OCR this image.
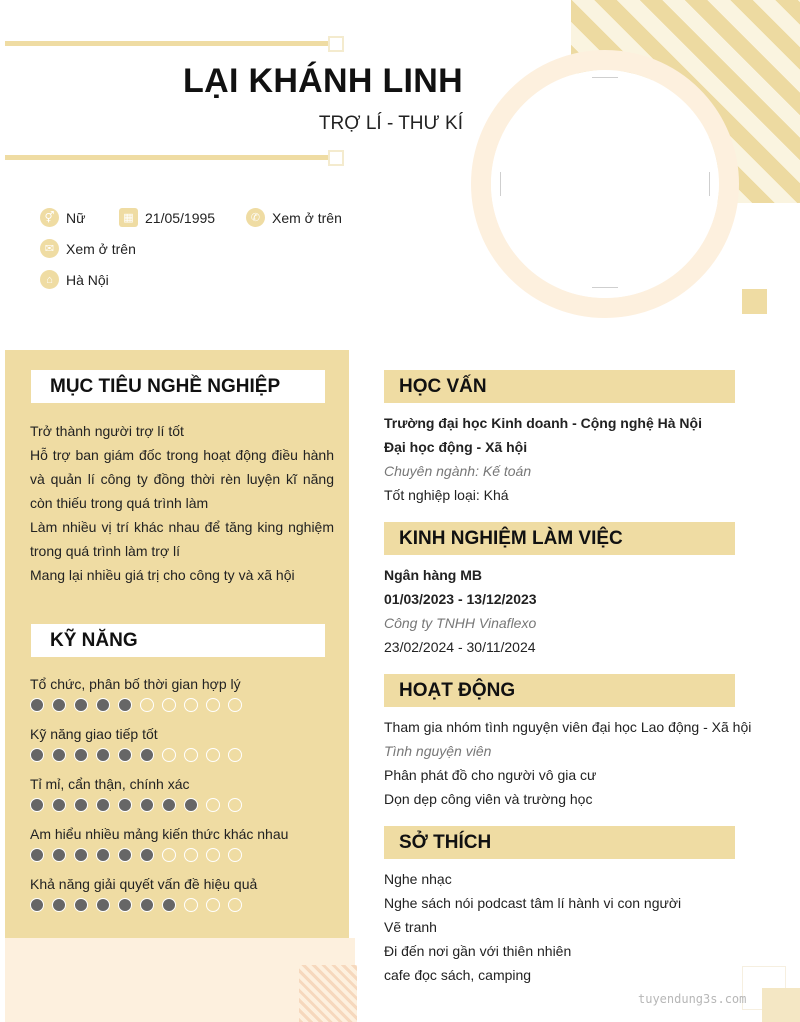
LẠI KHÁNH LINH
TRỢ LÍ - THƯ KÍ
⚥ Nữ	▦ 21/05/1995	✆ Xem ở trên
✉ Xem ở trên
⌂ Hà Nội
MỤC TIÊU NGHỀ NGHIỆP

Trở thành người trợ lí tốt

Hỗ trợ ban giám đốc trong hoạt động điều hành và quản lí công ty đồng thời rèn luyện kĩ năng còn thiếu trong quá trình làm

Làm nhiều vị trí khác nhau để tăng king nghiệm trong quá trình làm trợ lí

Mang lại nhiều giá trị cho công ty và xã hội

KỸ NĂNG
Tổ chức, phân bố thời gian hợp lý
Kỹ năng giao tiếp tốt
Tỉ mỉ, cẩn thận, chính xác
Am hiểu nhiều mảng kiến thức khác nhau
Khả năng giải quyết vấn đề hiệu quả
HỌC VẤN
Trường đại học Kinh doanh - Cộng nghệ Hà Nội
Đại học động - Xã hội
Chuyên ngành: Kế toán
Tốt nghiệp loại: Khá
KINH NGHIỆM LÀM VIỆC
Ngân hàng MB
01/03/2023 - 13/12/2023
Công ty TNHH Vinaflexo
23/02/2024 - 30/11/2024
HOẠT ĐỘNG
Tham gia nhóm tình nguyện viên đại học Lao động - Xã hội
Tình nguyện viên
Phân phát đồ cho người vô gia cư
Dọn dẹp công viên và trường học
SỞ THÍCH
Nghe nhạc
Nghe sách nói podcast tâm lí hành vi con người
Vẽ tranh
Đi đến nơi gần với thiên nhiên
cafe đọc sách, camping
tuyendung3s.com
